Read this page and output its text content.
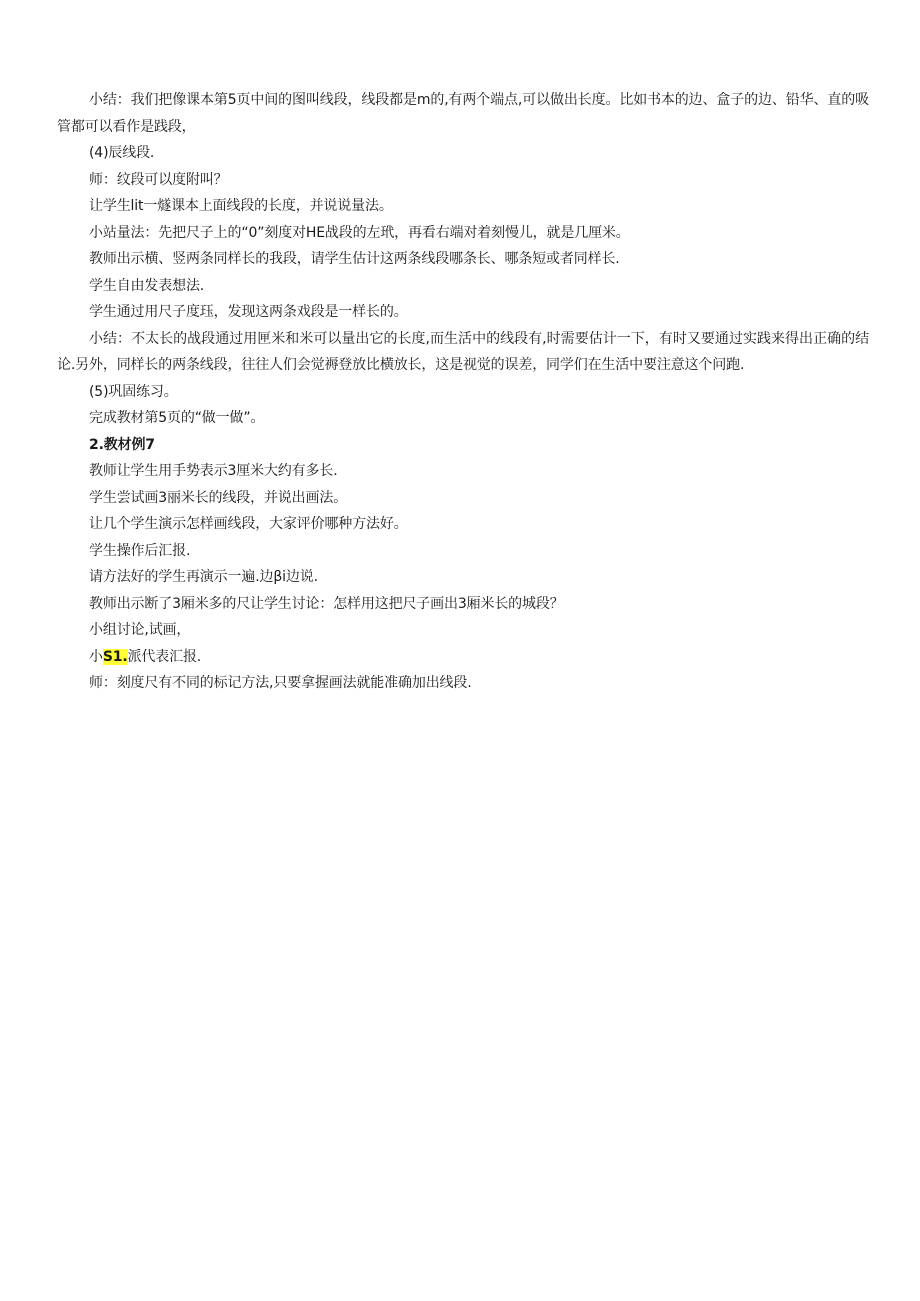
小结：我们把像课本第5页中间的图叫线段，线段都是m的,有两个端点,可以做出长度。比如书本的边、盒子的边、铅华、直的吸管都可以看作是践段，

(4)辰线段.

师：纹段可以度附叫？

让学生lit一燧课本上面线段的长度，并说说量法。

小站量法：先把尺子上的“0”刻度对HE战段的左玳，再看右端对着刻慢儿，就是几厘米。

教师出示横、竖两条同样长的我段，请学生估计这两条线段哪条长、哪条短或者同样长.

学生自由发表想法.

学生通过用尺子度珏，发现这两条戏段是一样长的。

小结：不太长的战段通过用匣米和米可以量出它的长度,而生活中的线段有,时需要估计一下，有时又要通过实践来得出正确的结论.另外，同样长的两条线段，往往人们会觉褥登放比横放长，这是视觉的误差，同学们在生活中要注意这个问跑.

(5)巩固练习。

完成教材第5页的“做一做”。

2.教材例7

教师让学生用手势表示3厘米大约有多长.

学生尝试画3丽米长的线段，并说出画法。

让几个学生演示怎样画线段，大家评价哪种方法好。

学生操作后汇报.

请方法好的学生再演示一遍.边βi边说.

教师出示断了3厢米多的尺让学生讨论：怎样用这把尺子画出3厢米长的城段？

小组讨论,试画，

小S1.派代表汇报.

师：刻度尺有不同的标记方法,只要拿握画法就能准确加出线段.
